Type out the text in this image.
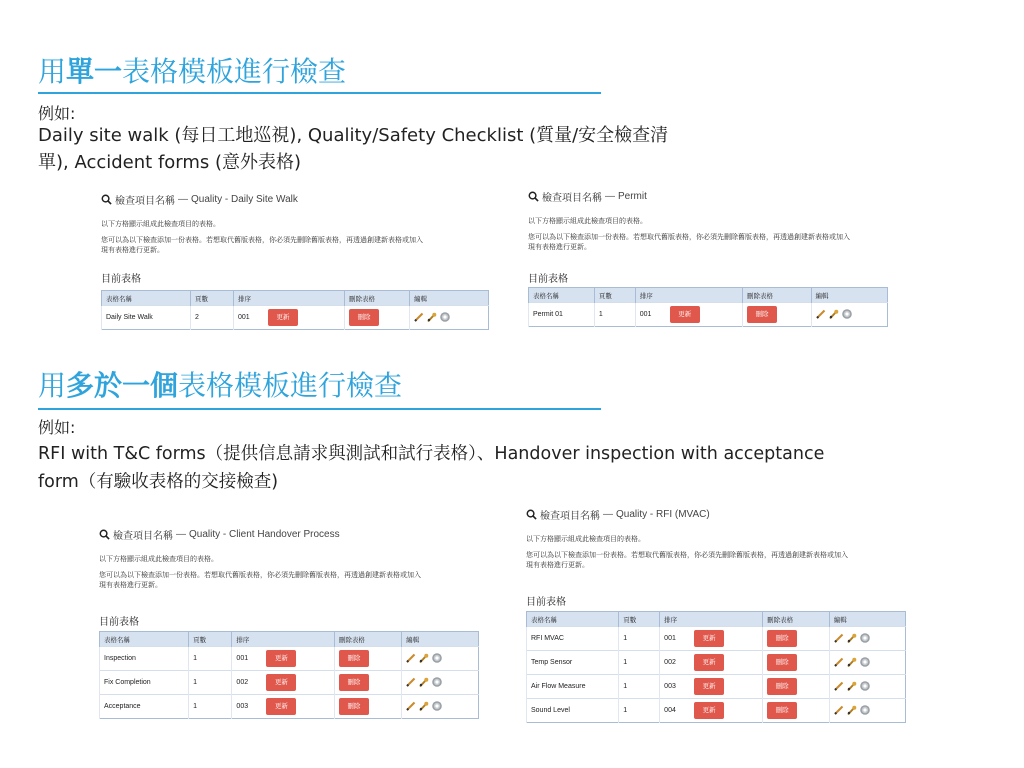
用單一表格模板進行檢查
例如:
Daily site walk (每日工地巡視), Quality/Safety Checklist (質量/安全檢查清
單), Accident forms (意外表格)
用多於一個表格模板進行檢查
例如:
RFI with T&C forms（提供信息請求與測試和試行表格）、Handover inspection with acceptance
form（有驗收表格的交接檢查)
檢查項目名稱 — Quality - Daily Site Walk
以下方格顯示組成此檢查項目的表格。
您可以為以下檢查添加一份表格。若想取代舊版表格，你必須先刪除舊版表格，再透過創建新表格或加入
現有表格進行更新。
目前表格
表格名稱	頁數	排序	刪除表格	編輯
Daily Site Walk	2	001 更新	刪除	
檢查項目名稱 — Permit
以下方格顯示組成此檢查項目的表格。
您可以為以下檢查添加一份表格。若想取代舊版表格，你必須先刪除舊版表格，再透過創建新表格或加入
現有表格進行更新。
目前表格
表格名稱	頁數	排序	刪除表格	編輯
Permit 01	1	001 更新	刪除	
檢查項目名稱 — Quality - Client Handover Process
以下方格顯示組成此檢查項目的表格。
您可以為以下檢查添加一份表格。若想取代舊版表格，你必須先刪除舊版表格，再透過創建新表格或加入
現有表格進行更新。
目前表格
表格名稱	頁數	排序	刪除表格	編輯
Inspection	1	001 更新	刪除	

Fix Completion	1	002 更新	刪除	

Acceptance	1	003 更新	刪除	
檢查項目名稱 — Quality - RFI (MVAC)
以下方格顯示組成此檢查項目的表格。
您可以為以下檢查添加一份表格。若想取代舊版表格，你必須先刪除舊版表格，再透過創建新表格或加入
現有表格進行更新。
目前表格
表格名稱	頁數	排序	刪除表格	編輯
RFI MVAC	1	001 更新	刪除	

Temp Sensor	1	002 更新	刪除	

Air Flow Measure	1	003 更新	刪除	

Sound Level	1	004 更新	刪除	
